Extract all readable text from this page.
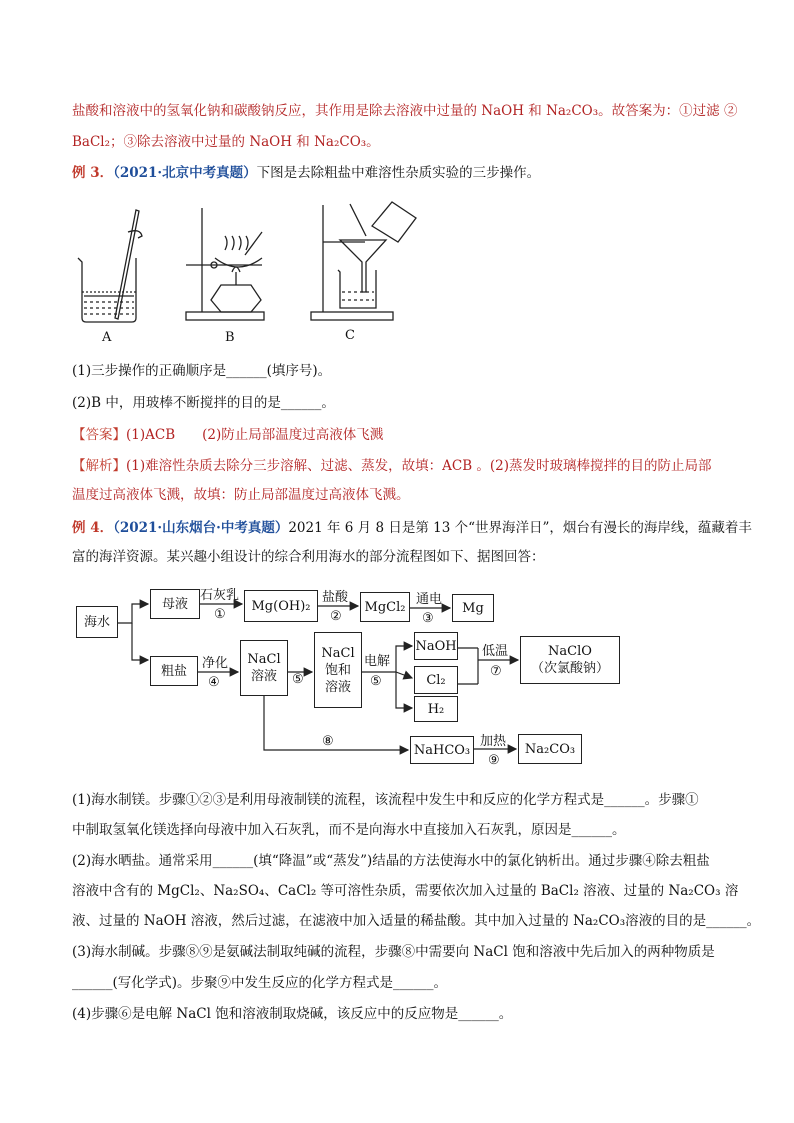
盐酸和溶液中的氢氧化钠和碳酸钠反应，其作用是除去溶液中过量的 NaOH 和 Na₂CO₃。故答案为：①过滤 ②
BaCl₂；③除去溶液中过量的 NaOH 和 Na₂CO₃。
例 3．（2021·北京中考真题）下图是去除粗盐中难溶性杂质实验的三步操作。
A	B	C
(1)三步操作的正确顺序是______(填序号)。
(2)B 中，用玻棒不断搅拌的目的是______。
【答案】(1)ACB　　(2)防止局部温度过高液体飞溅
【解析】(1)难溶性杂质去除分三步溶解、过滤、蒸发，故填：ACB 。(2)蒸发时玻璃棒搅拌的目的防止局部
温度过高液体飞溅，故填：防止局部温度过高液体飞溅。
例 4．（2021·山东烟台·中考真题）2021 年 6 月 8 日是第 13 个“世界海洋日”，烟台有漫长的海岸线，蕴藏着丰
富的海洋资源。某兴趣小组设计的综合利用海水的部分流程图如下、据图回答：
海水
母液
粗盐
Mg(OH)₂	MgCl₂	Mg
NaCl
溶液
NaCl
饱和
溶液
NaOH
Cl₂
H₂
NaClO
（次氯酸钠）
NaHCO₃	Na₂CO₃
石灰乳
①
盐酸
②
通电
③
净化
④	⑤
电解
⑤
低温
⑦
⑧	加热
⑨
(1)海水制镁。步骤①②③是利用母液制镁的流程，该流程中发生中和反应的化学方程式是______。步骤①
中制取氢氧化镁选择向母液中加入石灰乳，而不是向海水中直接加入石灰乳，原因是______。
(2)海水晒盐。通常采用______(填“降温”或“蒸发”)结晶的方法使海水中的氯化钠析出。通过步骤④除去粗盐
溶液中含有的 MgCl₂、Na₂SO₄、CaCl₂ 等可溶性杂质，需要依次加入过量的 BaCl₂ 溶液、过量的 Na₂CO₃ 溶
液、过量的 NaOH 溶液，然后过滤，在滤液中加入适量的稀盐酸。其中加入过量的 Na₂CO₃溶液的目的是______。
(3)海水制碱。步骤⑧⑨是氨碱法制取纯碱的流程，步骤⑧中需要向 NaCl 饱和溶液中先后加入的两种物质是
______(写化学式)。步聚⑨中发生反应的化学方程式是______。
(4)步骤⑥是电解 NaCl 饱和溶液制取烧碱，该反应中的反应物是______。
